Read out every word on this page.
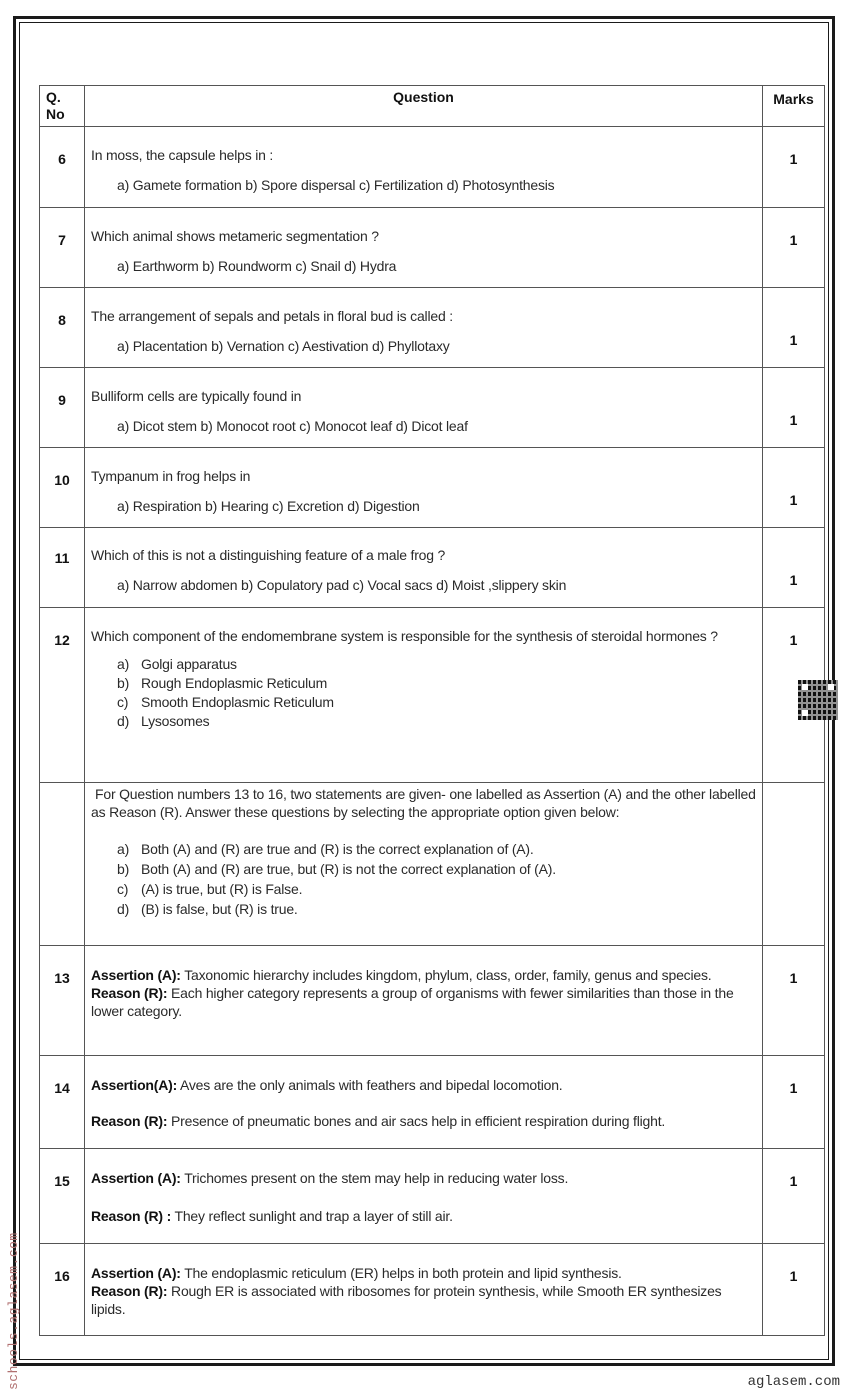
Q.
No	Question	Marks
6	In moss, the capsule helps in :

a) Gamete formation b) Spore dispersal c) Fertilization d) Photosynthesis	1
7	Which animal shows metameric segmentation ?

a) Earthworm b) Roundworm c) Snail d) Hydra	1
8	The arrangement of sepals and petals in floral bud is called :

a) Placentation b) Vernation c) Aestivation d) Phyllotaxy	1
9	Bulliform cells are typically found in

a) Dicot stem b) Monocot root c) Monocot leaf d) Dicot leaf	1
10	Tympanum in frog helps in

a) Respiration b) Hearing c) Excretion d) Digestion	1
11	Which of this is not a distinguishing feature of a male frog ?

a) Narrow abdomen b) Copulatory pad c) Vocal sacs d) Moist ,slippery skin	1
12	Which component of the endomembrane system is responsible for the synthesis of steroidal hormones ?

a) Golgi apparatus
b) Rough Endoplasmic Reticulum
c) Smooth Endoplasmic Reticulum
d) Lysosomes	1

	For Question numbers 13 to 16, two statements are given- one labelled as Assertion (A) and the other labelled as Reason (R). Answer these questions by selecting the appropriate option given below:

a) Both (A) and (R) are true and (R) is the correct explanation of (A).
b) Both (A) and (R) are true, but (R) is not the correct explanation of (A).
c) (A) is true, but (R) is False.
d) (B) is false, but (R) is true.	

13	Assertion (A): Taxonomic hierarchy includes kingdom, phylum, class, order, family, genus and species.
Reason (R): Each higher category represents a group of organisms with fewer similarities than those in the lower category.	1
14	Assertion(A): Aves are the only animals with feathers and bipedal locomotion.
Reason (R): Presence of pneumatic bones and air sacs help in efficient respiration during flight.	1
15	Assertion (A): Trichomes present on the stem may help in reducing water loss.
Reason (R) : They reflect sunlight and trap a layer of still air.	1
16	Assertion (A): The endoplasmic reticulum (ER) helps in both protein and lipid synthesis.
Reason (R): Rough ER is associated with ribosomes for protein synthesis, while Smooth ER synthesizes lipids.	1
schools.aglasem.com	aglasem.com
